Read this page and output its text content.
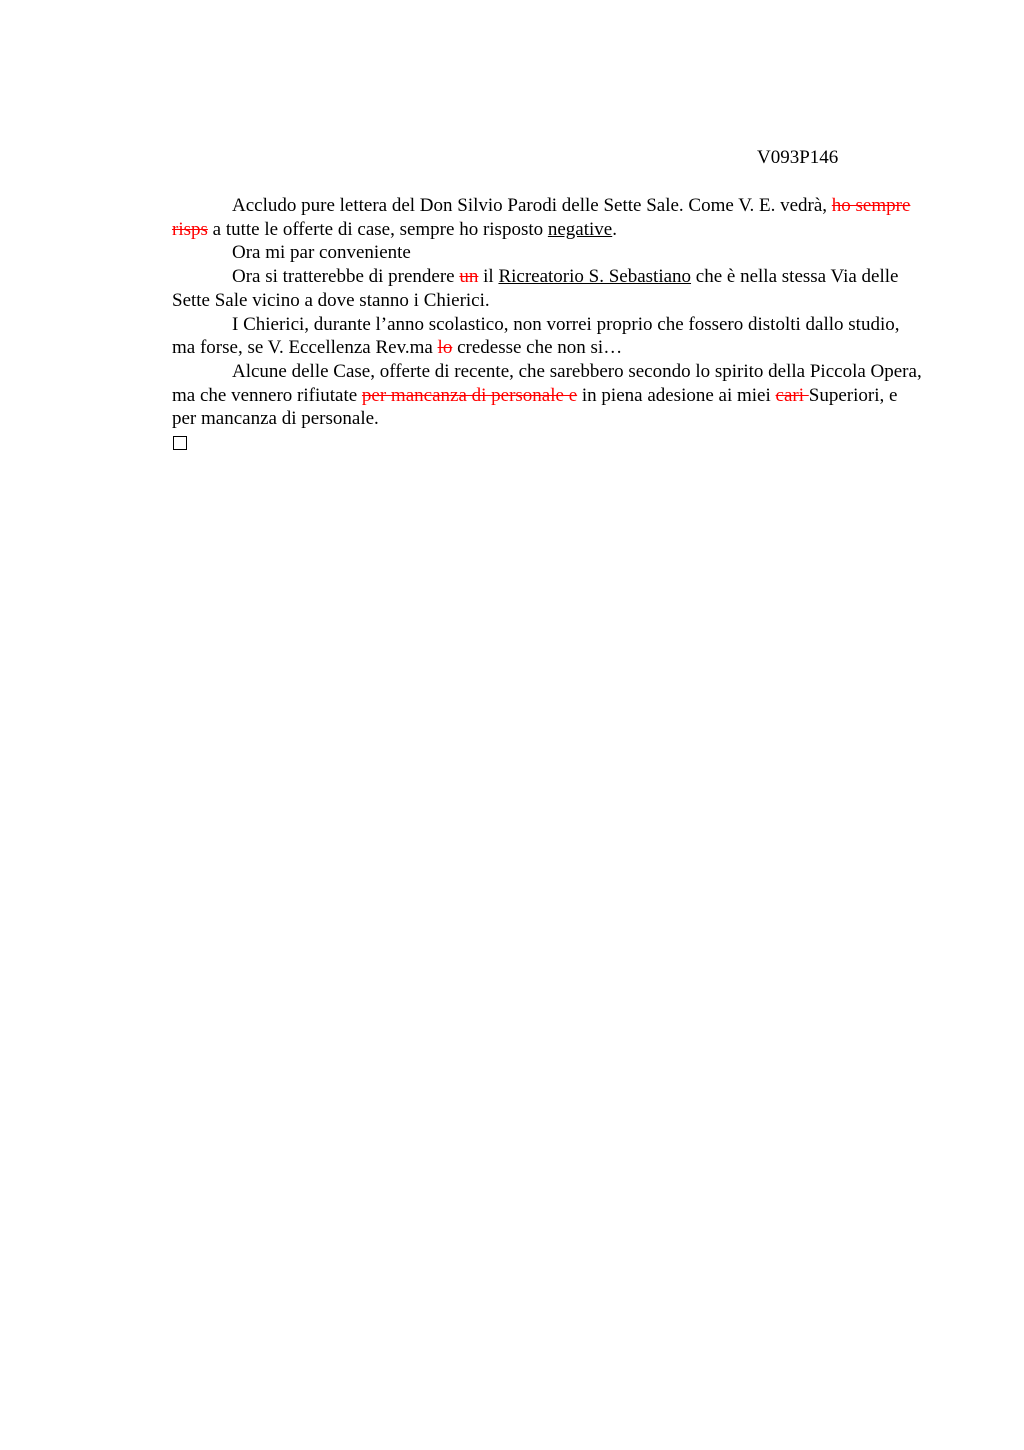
V093P146

Accludo pure lettera del Don Silvio Parodi delle Sette Sale. Come V. E. vedrà, ho sempre risps a tutte le offerte di case, sempre ho risposto negative.

Ora mi par conveniente

Ora si tratterebbe di prendere un il Ricreatorio S. Sebastiano che è nella stessa Via delle Sette Sale vicino a dove stanno i Chierici.

I Chierici, durante l’anno scolastico, non vorrei proprio che fossero distolti dallo studio, ma forse, se V. Eccellenza Rev.ma lo credesse che non si…

Alcune delle Case, offerte di recente, che sarebbero secondo lo spirito della Piccola Opera, ma che vennero rifiutate per mancanza di personale e in piena adesione ai miei cari Superiori, e per mancanza di personale.
